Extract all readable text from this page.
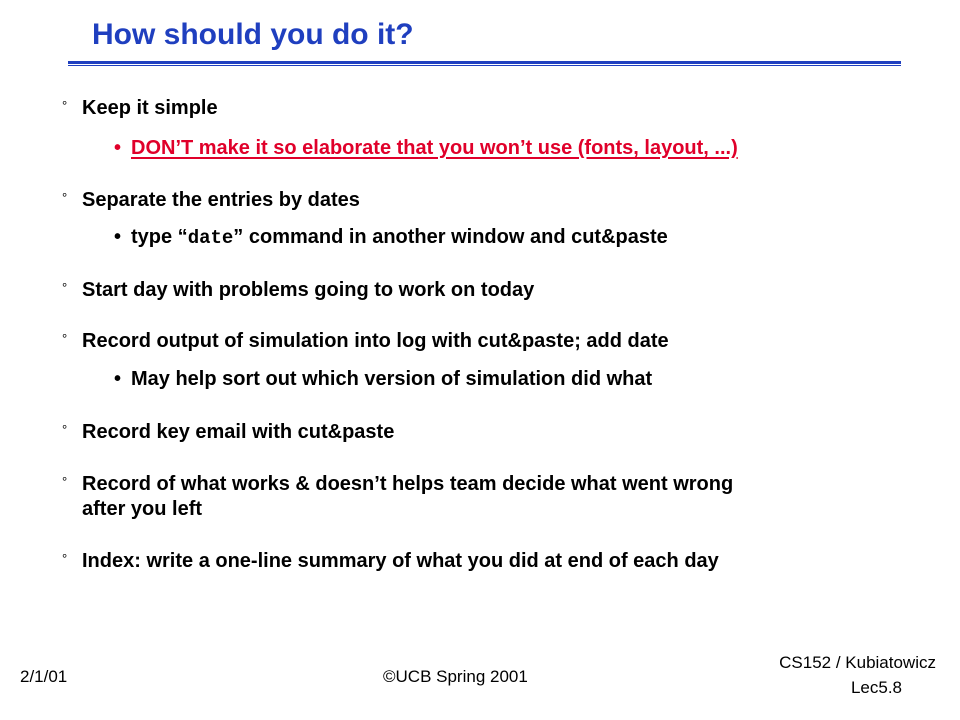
How should you do it?
° Keep it simple
• DON’T make it so elaborate that you won’t use (fonts, layout, ...)
° Separate the entries by dates
• type “date” command in another window and cut&paste
° Start day with problems going to work on today
° Record output of simulation into log with cut&paste; add date
• May help sort out which version of simulation did what
° Record key email with cut&paste
° Record of what works & doesn’t helps team decide what went wrong
after you left
° Index: write a one-line summary of what you did at end of each day
2/1/01	©UCB Spring 2001
CS152 / Kubiatowicz
Lec5.8
